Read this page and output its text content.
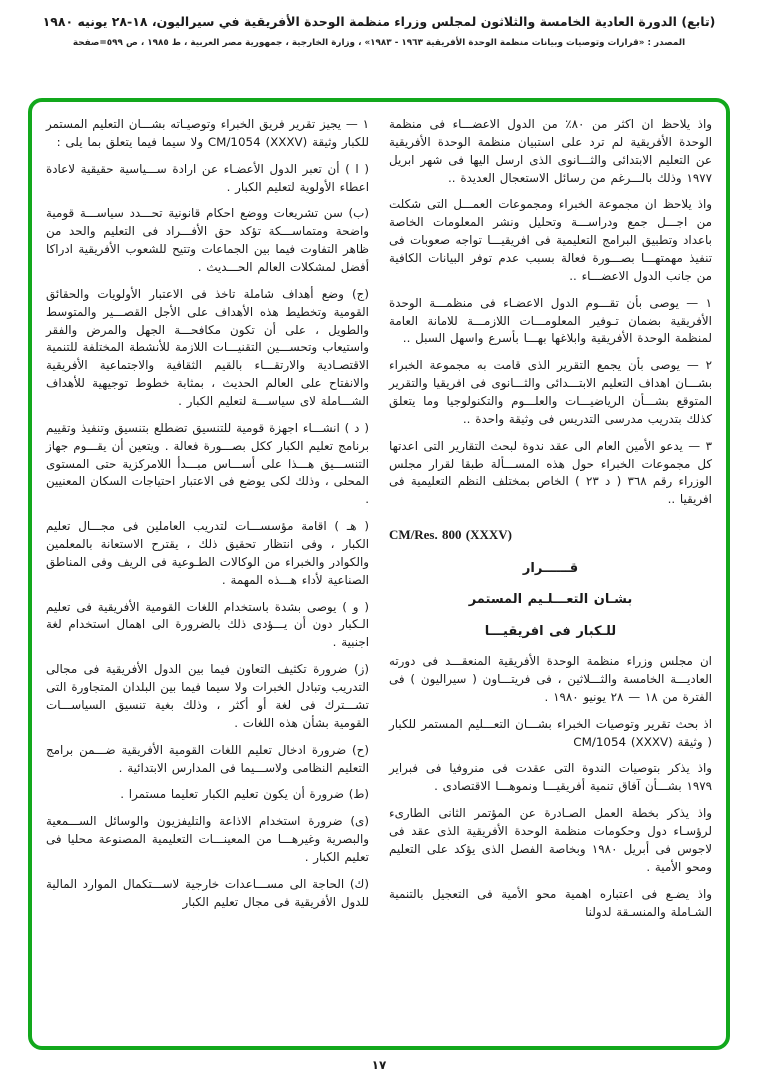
(تابع) الدورة العادية الخامسة والثلاثون لمجلس وزراء منظمة الوحدة الأفريقية في سيراليون، ١٨-٢٨ يونيه ١٩٨٠
المصدر : «قرارات وتوصيات وبيانات منظمة الوحدة الأفريقية ١٩٦٣ - ١٩٨٣» ، وزارة الخارجية ، جمهورية مصر العربية ، ط ١٩٨٥ ، ص ٥٩٩=صفحة

واذ يلاحظ ان اكثر من ٨٠٪ من الدول الاعضـــاء فى منظمة الوحدة الأفريقية لم ترد على استبيان منظمة الوحدة الأفريقية عن التعليم الابتدائى والثـــانوى الذى ارسل اليها فى شهر ابريل ١٩٧٧ وذلك بالـــرغم من رسائل الاستعجال العديدة ..

واذ يلاحظ ان مجموعة الخبراء ومجموعات العمـــل التى شكلت من اجـــل جمع ودراســـة وتحليل ونشر المعلومات الخاصة باعداد وتطبيق البرامج التعليمية فى افريقيـــا تواجه صعوبات فى تنفيذ مهمتهـــا بصـــورة فعالة بسبب عدم توفر البيانات الكافية من جانب الدول الاعضـــاء ..

١ — يوصى بأن تقـــوم الدول الاعضـاء فى منظمـــة الوحدة الأفريقية بضمان تـوفير المعلومـــات اللازمـــة للامانة العامة لمنظمة الوحدة الأفريقية وابلاغها بهـــا بأسرع واسهل السبل ..

٢ — يوصى بأن يجمع التقرير الذى قامت به مجموعة الخبراء بشـــان اهداف التعليم الابتـــدائى والثـــانوى فى افريقيا والتقرير المتوقع بشـــأن الرياضيـــات والعلـــوم والتكنولوجيا وما يتعلق كذلك بتدريب مدرسى التدريس فى وثيقة واحدة ..

٣ — يدعو الأمين العام الى عقد ندوة لبحث التقارير التى اعدتها كل مجموعات الخبراء حول هذه المســـألة طبقا لقرار مجلس الوزراء رقم ٣٦٨ ( د ٢٣ ) الخاص بمختلف النظم التعليمية فى افريقيا ..

CM/Res. 800 (XXXV)

قــــــرار

بشـان التعـــلـيم المستمر

للـكبار فى افريقيـــا

ان مجلس وزراء منظمة الوحدة الأفريقية المنعقـــد فى دورته العاديـــة الخامسة والثـــلاثين ، فى فريتـــاون ( سيراليون ) فى الفترة من ١٨ — ٢٨ يونيو ١٩٨٠ .

اذ بحث تقرير وتوصيات الخبراء بشـــان التعـــليم المستمر للكبار ( وثيقة CM/1054 (XXXV)

واذ يذكر بتوصيات الندوة التى عقدت فى منروفيا فى فبراير ١٩٧٩ بشـــأن آفاق تنمية أفريقيـــا ونموهـــا الاقتصادى .

واذ يذكر بخطة العمل الصـادرة عن المؤتمر الثانى الطارىء لرؤسـاء دول وحكومات منظمة الوحدة الأفريقية الذى عقد فى لاجوس فى أبريل ١٩٨٠ وبخاصة الفصل الذى يؤكد على التعليم ومحو الأمية .

واذ يضـع فى اعتباره اهمية محو الأمية فى التعجيل بالتنمية الشـاملة والمنسـقة لدولنا

١ — يجيز تقرير فريق الخبراء وتوصيـاته بشـــان التعليم المستمر للكبار وثيقة CM/1054 (XXXV) ولا سيما فيما يتعلق بما يلى :

( ا ) أن تعبر الدول الأعضـاء عن ارادة ســـياسية حقيقية لاعادة اعطاء الأولوية لتعليم الكبار .

(ب) سن تشريعات ووضع احكام قانونية تحـــدد سياســـة قومية واضحة ومتماســـكة تؤكد حق الأفـــراد فى التعليم والحد من ظاهر التفاوت فيما بين الجماعات وتتيح للشعوب الأفريقية ادراكا أفضل لمشكلات العالم الحـــديث .

(ج) وضع أهداف شاملة تاخذ فى الاعتبار الأولويات والحقائق القومية وتخطيط هذه الأهداف على الأجل القصـــير والمتوسط والطويل ، على أن تكون مكافحـــة الجهل والمرض والفقر واستيعاب وتحســـين التقنيـــات اللازمة للأنشطة المختلفة للتنمية الاقتصـادية والارتقـــاء بالقيم الثقافية والاجتماعية الأفريقية والانفتاح على العالم الحديث ، بمثابة خطوط توجيهية للأهداف الشـــاملة لاى سياســـة لتعليم الكبار .

( د ) انشـــاء اجهزة قومية للتنسيق تضطلع بتنسيق وتنفيذ وتقييم برنامج تعليم الكبار ككل بصـــورة فعالة . ويتعين أن يقـــوم جهاز التنســـيق هـــذا على أســـاس مبـــدأ اللامركزية حتى المستوى المحلى ، وذلك لكى يوضع فى الاعتبار احتياجات السكان المعنيين .

( هـ ) اقامة مؤسســـات لتدريب العاملين فى مجـــال تعليم الكبار ، وفى انتظار تحقيق ذلك ، يقترح الاستعانة بالمعلمين والكوادر والخبراء من الوكالات الطـوعية فى الريف وفى المناطق الصناعية لأداء هـــذه المهمة .

( و ) يوصى بشدة باستخدام اللغات القومية الأفريقية فى تعليم الـكبار دون أن يـــؤدى ذلك بالضرورة الى اهمال استخدام لغة اجنبية .

(ز) ضرورة تكثيف التعاون فيما بين الدول الأفريقية فى مجالى التدريب وتبادل الخبرات ولا سيما فيما بين البلدان المتجاورة التى تشـــترك فى لغة أو أكثر ، وذلك بغية تنسيق السياســـات القومية بشأن هذه اللغات .

(ح) ضرورة ادخال تعليم اللغات القومية الأفريقية ضـــمن برامج التعليم النظامى ولاســـيما فى المدارس الابتدائية .

(ط) ضرورة أن يكون تعليم الكبار تعليما مستمرا .

(ى) ضرورة استخدام الاذاعة والتليفزيون والوسائل الســـمعية والبصرية وغيرهـــا من المعينـــات التعليمية المصنوعة محليا فى تعليم الكبار .

(ك) الحاجة الى مســـاعدات خارجية لاســـتكمال الموارد المالية للدول الأفريقية فى مجال تعليم الكبار

١٧
